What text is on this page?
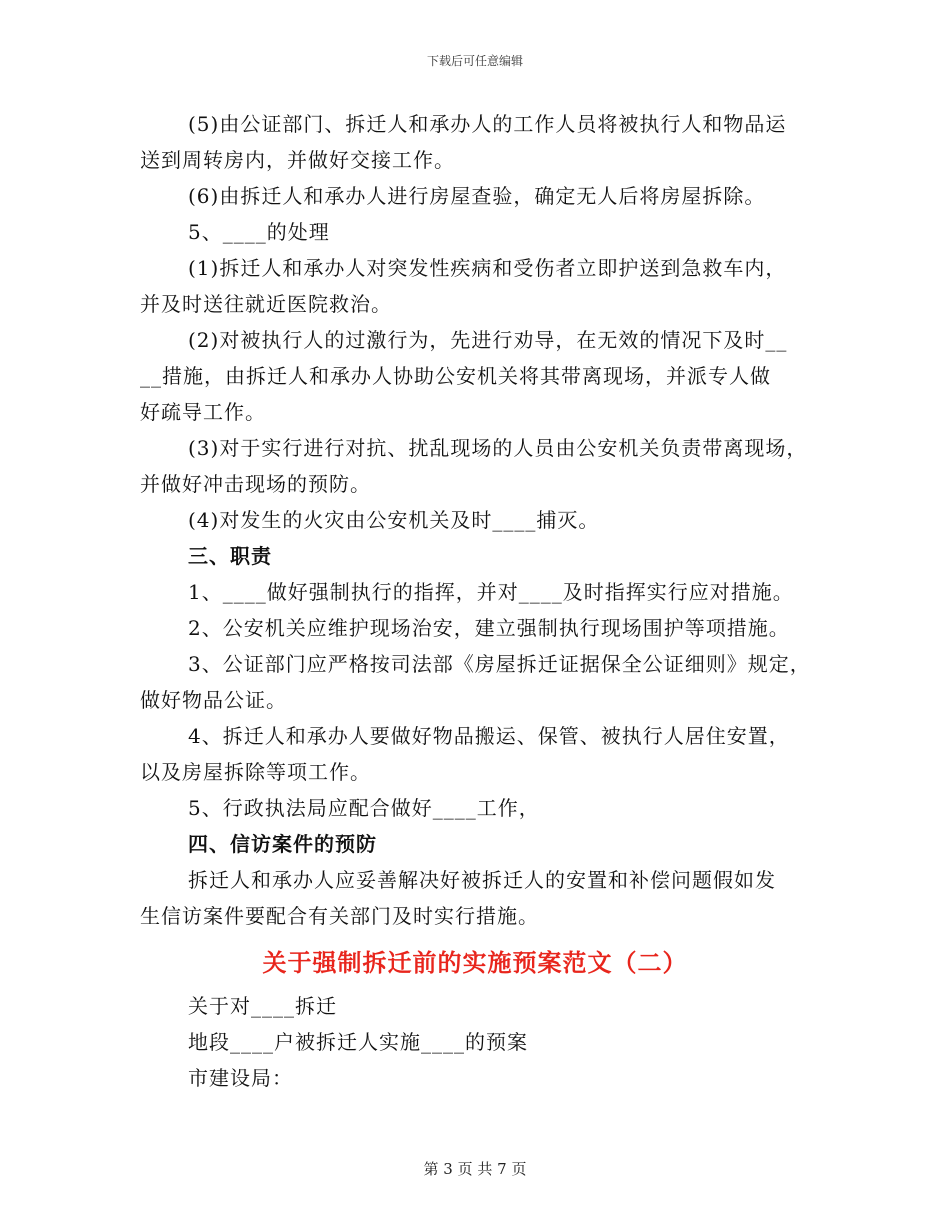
下载后可任意编辑

(5)由公证部门、拆迁人和承办人的工作人员将被执行人和物品运

送到周转房内，并做好交接工作。

(6)由拆迁人和承办人进行房屋查验，确定无人后将房屋拆除。

5、____的处理

(1)拆迁人和承办人对突发性疾病和受伤者立即护送到急救车内，

并及时送往就近医院救治。

(2)对被执行人的过激行为，先进行劝导，在无效的情况下及时__

__措施，由拆迁人和承办人协助公安机关将其带离现场，并派专人做

好疏导工作。

(3)对于实行进行对抗、扰乱现场的人员由公安机关负责带离现场，

并做好冲击现场的预防。

(4)对发生的火灾由公安机关及时____捕灭。

三、职责

1、____做好强制执行的指挥，并对____及时指挥实行应对措施。

2、公安机关应维护现场治安，建立强制执行现场围护等项措施。

3、公证部门应严格按司法部《房屋拆迁证据保全公证细则》规定，

做好物品公证。

4、拆迁人和承办人要做好物品搬运、保管、被执行人居住安置，

以及房屋拆除等项工作。

5、行政执法局应配合做好____工作，

四、信访案件的预防

拆迁人和承办人应妥善解决好被拆迁人的安置和补偿问题假如发

生信访案件要配合有关部门及时实行措施。

关于强制拆迁前的实施预案范文（二）

关于对____拆迁

地段____户被拆迁人实施____的预案

市建设局：

第 3 页 共 7 页
